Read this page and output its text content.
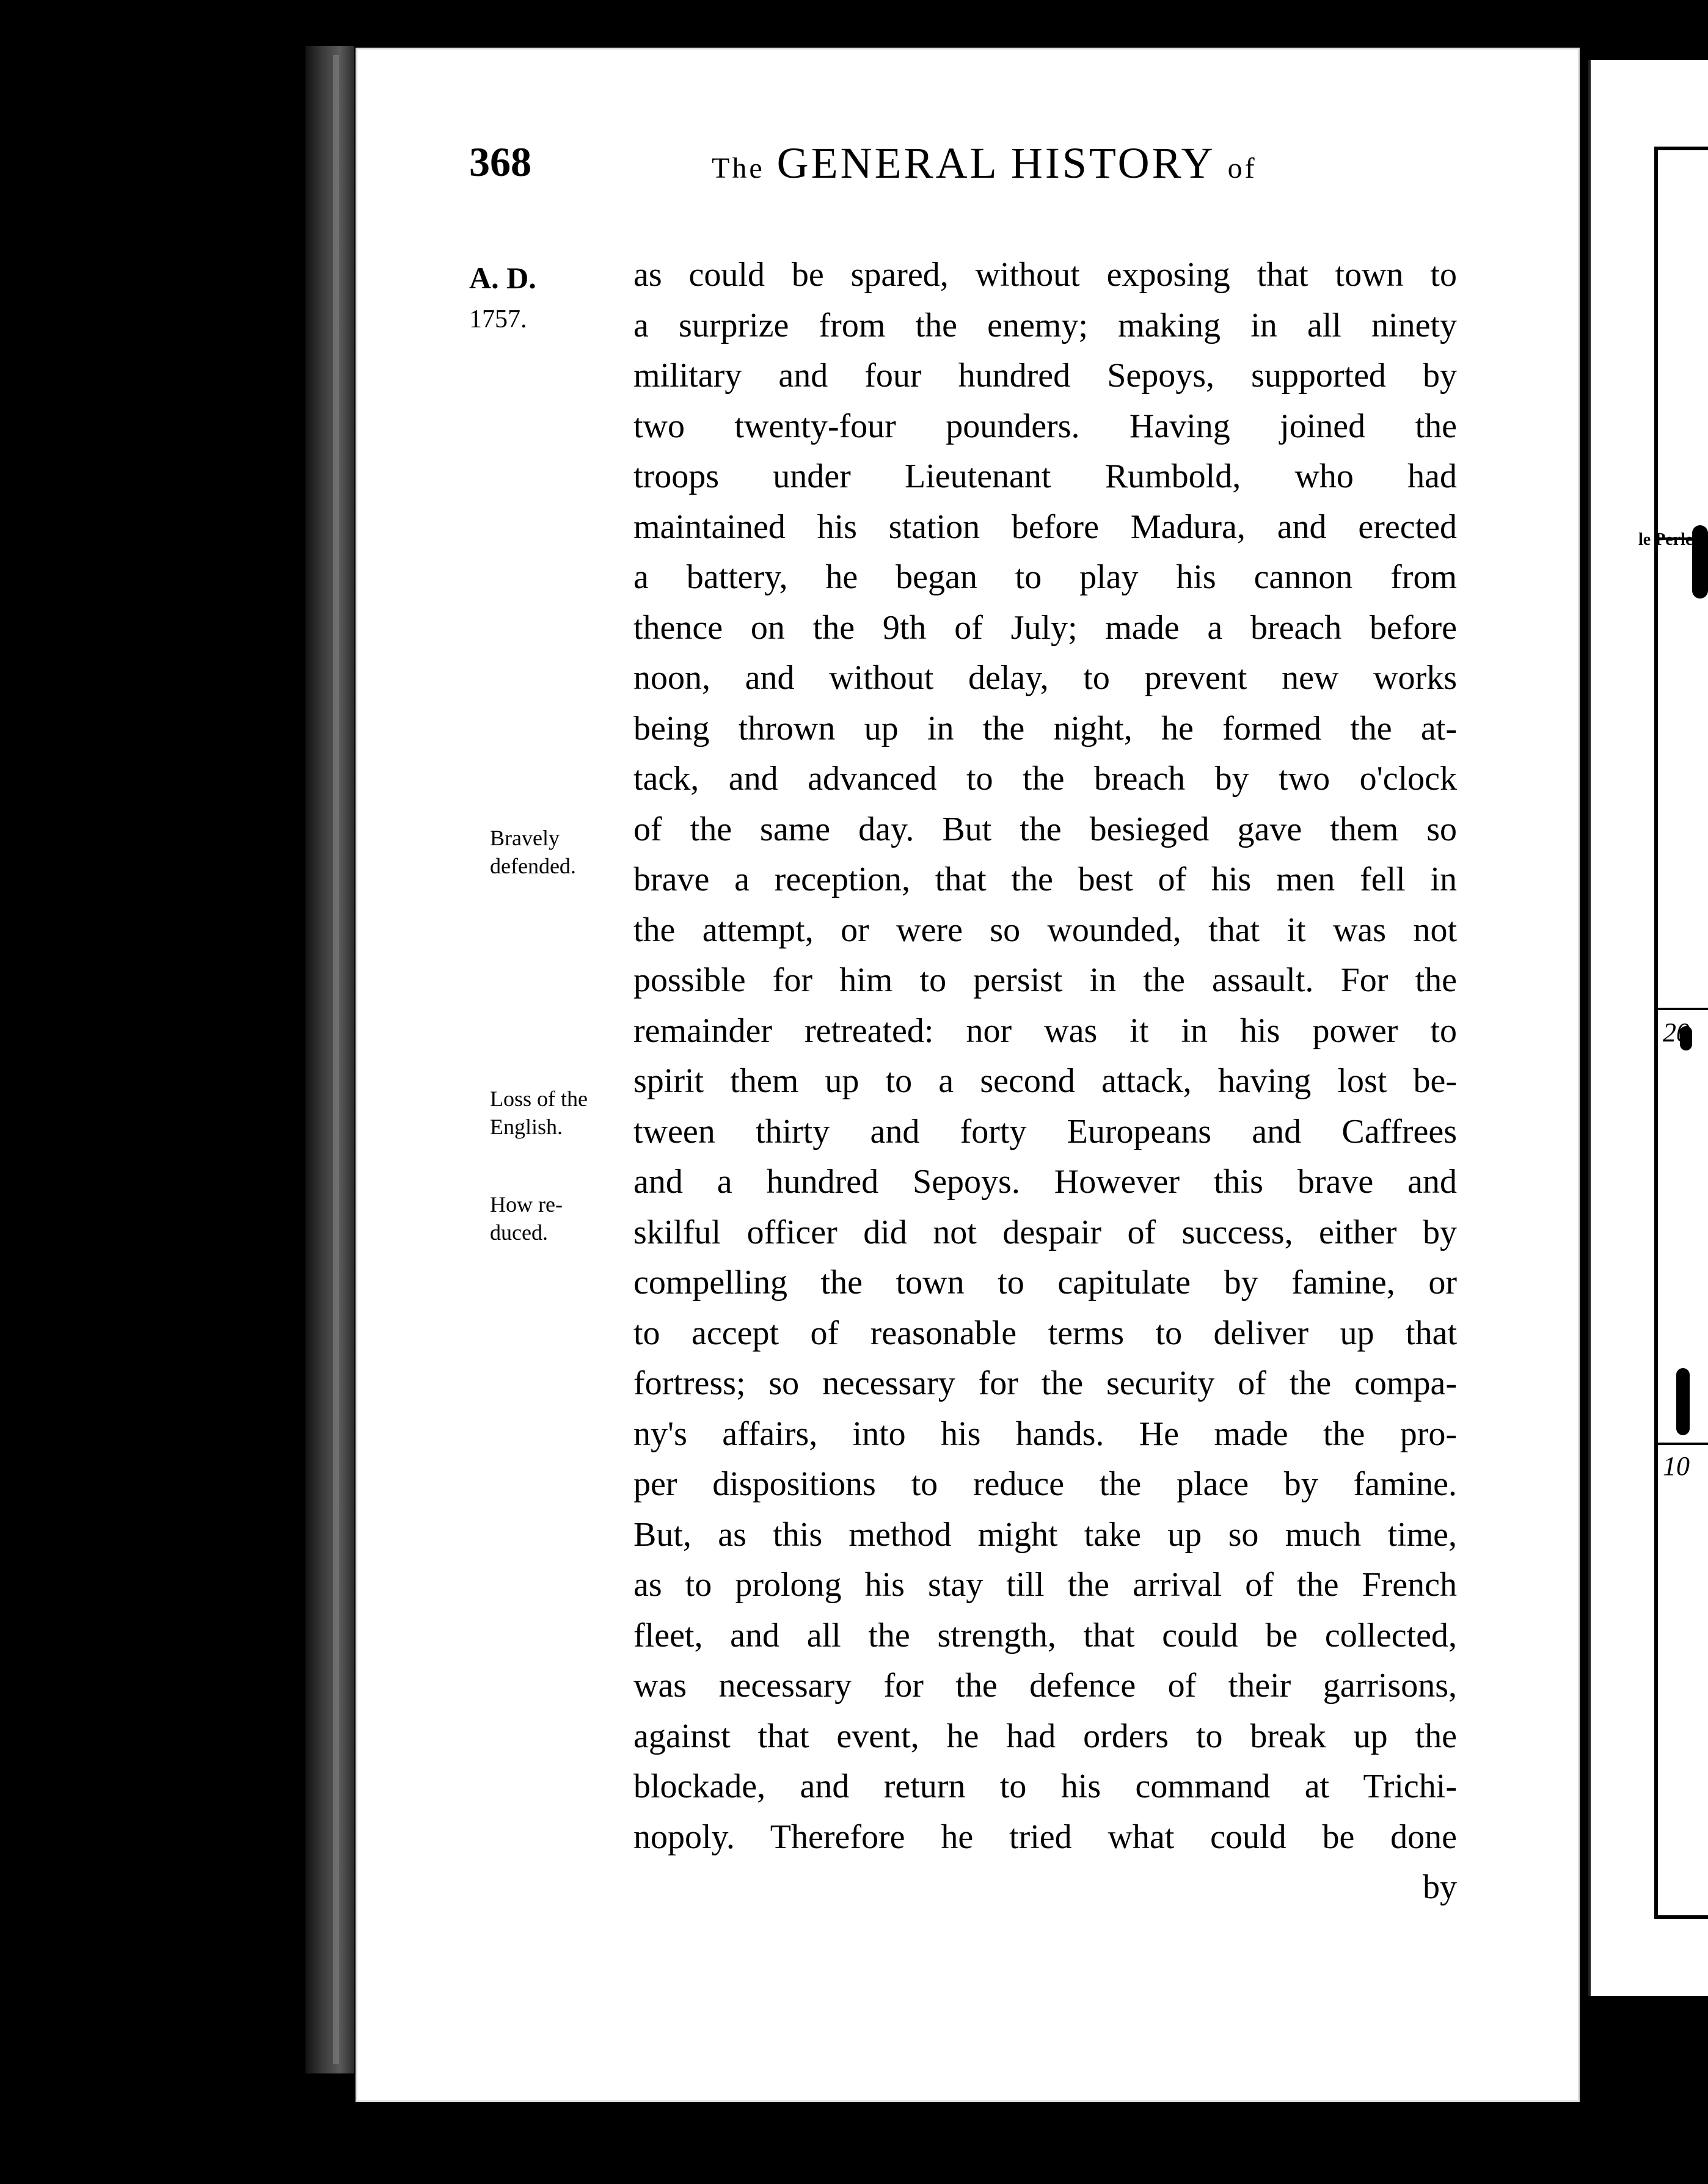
368	The GENERAL HISTORY of
A. D.
1757.
Bravely
defended.
Loss of the
English.
How re-
duced.
as could be spared, without exposing that town to
a surprize from the enemy; making in all ninety
military and four hundred Sepoys, supported by
two twenty-four pounders. Having joined the
troops under Lieutenant Rumbold, who had
maintained his station before Madura, and erected
a battery, he began to play his cannon from
thence on the 9th of July; made a breach before
noon, and without delay, to prevent new works
being thrown up in the night, he formed the at-
tack, and advanced to the breach by two o'clock
of the same day. But the besieged gave them so
brave a reception, that the best of his men fell in
the attempt, or were so wounded, that it was not
possible for him to persist in the assault. For the
remainder retreated: nor was it in his power to
spirit them up to a second attack, having lost be-
tween thirty and forty Europeans and Caffrees
and a hundred Sepoys. However this brave and
skilful officer did not despair of success, either by
compelling the town to capitulate by famine, or
to accept of reasonable terms to deliver up that
fortress; so necessary for the security of the compa-
ny's affairs, into his hands. He made the pro-
per dispositions to reduce the place by famine.
But, as this method might take up so much time,
as to prolong his stay till the arrival of the French
fleet, and all the strength, that could be collected,
was necessary for the defence of their garrisons,
against that event, he had orders to break up the
blockade, and return to his command at Trichi-
nopoly. Therefore he tried what could be done
by
le Perle
20
10
